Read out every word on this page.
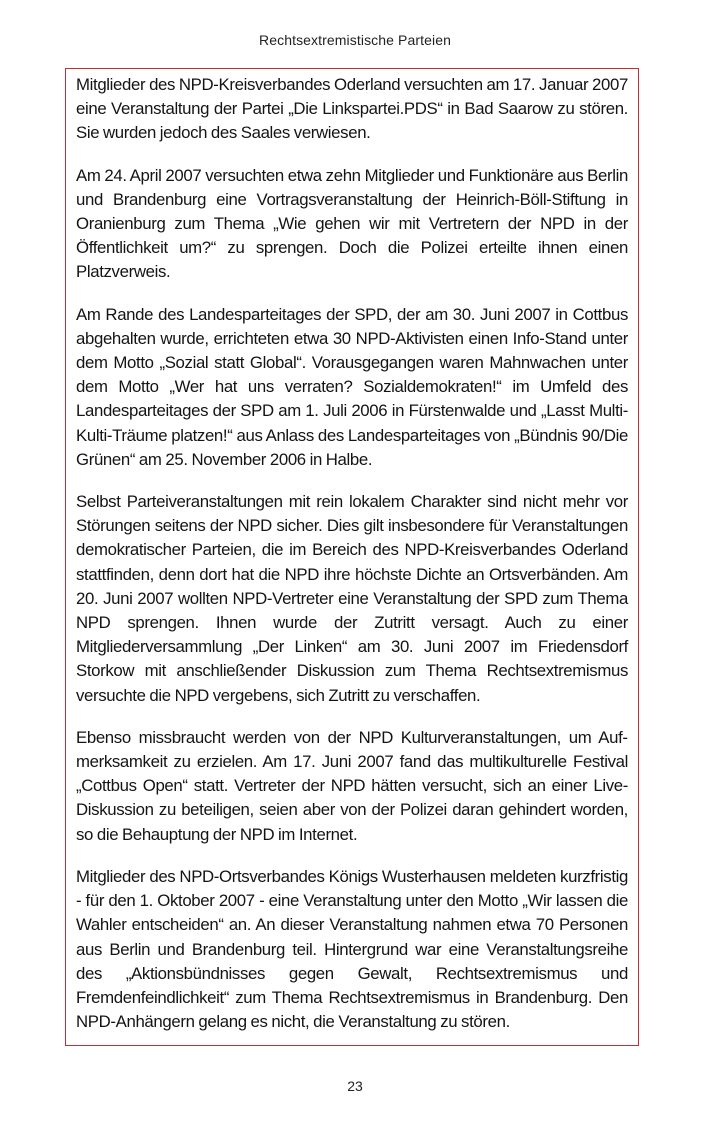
Rechtsextremistische Parteien

Mitglieder des NPD-Kreisverbandes Oderland versuchten am 17. Januar 2007 eine Veranstaltung der Partei „Die Linkspartei.PDS“ in Bad Saarow zu stören. Sie wurden jedoch des Saales verwiesen.

Am 24. April 2007 versuchten etwa zehn Mitglieder und Funktionäre aus Berlin und Brandenburg eine Vortragsveranstaltung der Heinrich-Böll-Stiftung in Oranienburg zum Thema „Wie gehen wir mit Vertretern der NPD in der Öffentlichkeit um?“ zu sprengen. Doch die Polizei erteilte ihnen einen Platzverweis.

Am Rande des Landesparteitages der SPD, der am 30. Juni 2007 in Cottbus abgehalten wurde, errichteten etwa 30 NPD-Aktivisten einen Info-Stand unter dem Motto „Sozial statt Global“. Vorausgegangen waren Mahnwachen unter dem Motto „Wer hat uns verraten? Sozialdemokraten!“ im Umfeld des Landesparteitages der SPD am 1. Juli 2006 in Fürstenwalde und „Lasst Multi-Kulti-Träume platzen!“ aus Anlass des Landesparteitages von „Bündnis 90/Die Grünen“ am 25. November 2006 in Halbe.

Selbst Parteiveranstaltungen mit rein lokalem Charakter sind nicht mehr vor Störungen seitens der NPD sicher. Dies gilt insbesondere für Veranstaltungen demokratischer Parteien, die im Bereich des NPD-Kreisverbandes Oderland stattfinden, denn dort hat die NPD ihre höchste Dichte an Ortsverbänden. Am 20. Juni 2007 wollten NPD-Vertreter eine Veranstaltung der SPD zum Thema NPD sprengen. Ihnen wurde der Zutritt versagt. Auch zu einer Mitgliederversammlung „Der Linken“ am 30. Juni 2007 im Friedensdorf Storkow mit anschließender Diskussion zum Thema Rechtsextremismus versuchte die NPD vergebens, sich Zutritt zu verschaffen.

Ebenso missbraucht werden von der NPD Kulturveranstaltungen, um Aufmerksamkeit zu erzielen. Am 17. Juni 2007 fand das multikulturelle Festival „Cottbus Open“ statt. Vertreter der NPD hätten versucht, sich an einer Live-Diskussion zu beteiligen, seien aber von der Polizei daran gehindert worden, so die Behauptung der NPD im Internet.

Mitglieder des NPD-Ortsverbandes Königs Wusterhausen meldeten kurzfristig - für den 1. Oktober 2007 - eine Veranstaltung unter den Motto „Wir lassen die Wahler entscheiden“ an. An dieser Veranstaltung nahmen etwa 70 Personen aus Berlin und Brandenburg teil. Hintergrund war eine Veranstaltungsreihe des „Aktionsbündnisses gegen Gewalt, Rechtsextremismus und Fremdenfeindlichkeit“ zum Thema Rechtsextremismus in Brandenburg. Den NPD-Anhängern gelang es nicht, die Veranstaltung zu stören.

23
